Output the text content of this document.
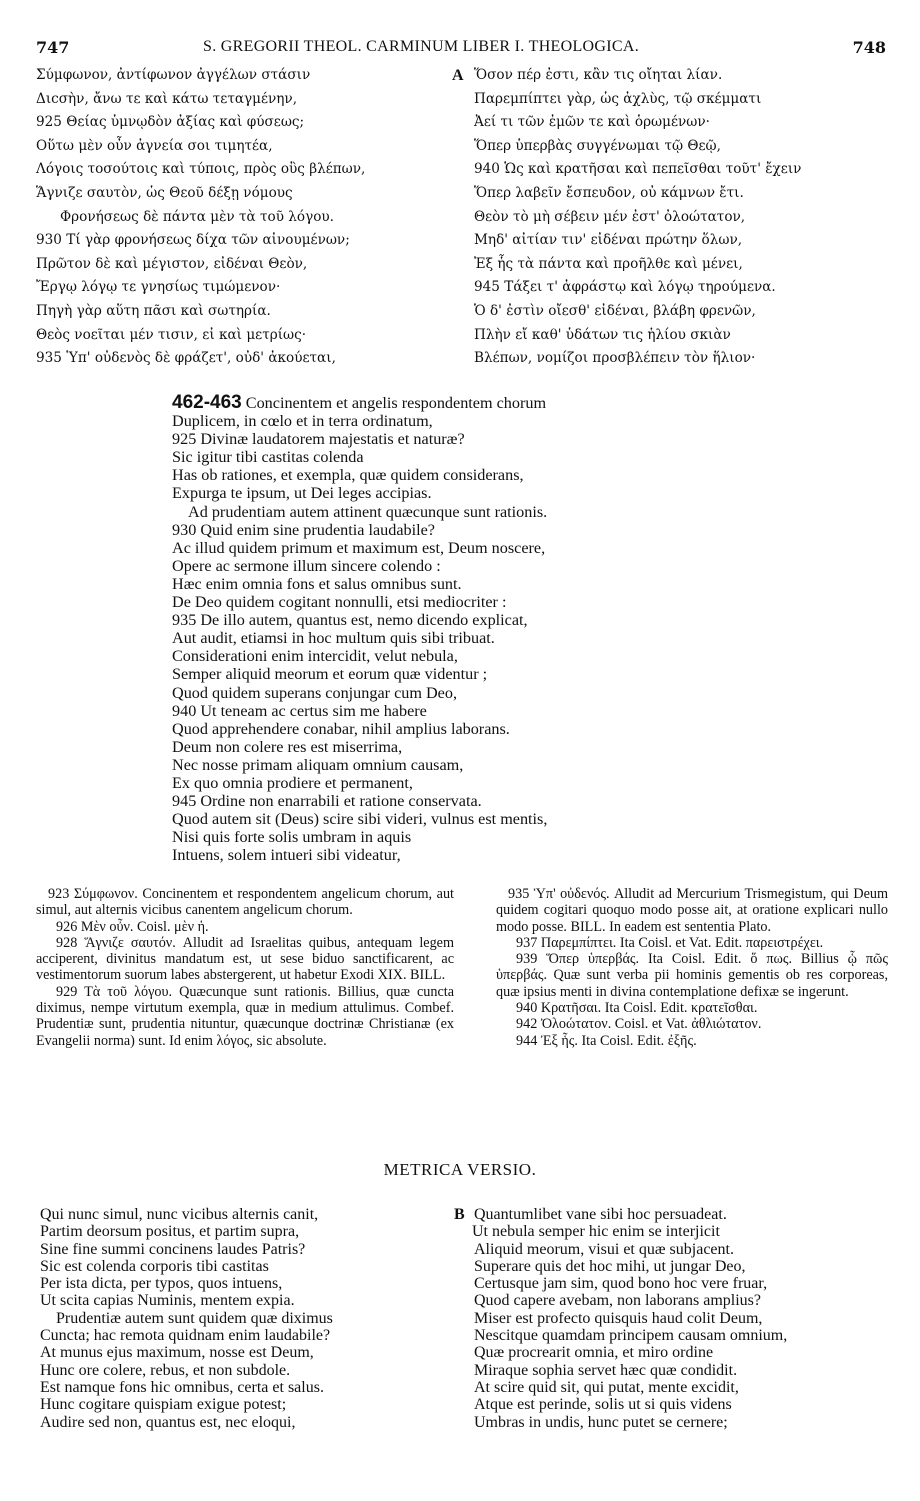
747	S. GREGORII THEOL. CARMINUM LIBER I. THEOLOGICA.	748
Σύμφωνον, ἀντίφωνον ἀγγέλων στάσιν
Διϲσὴν, ἄνω τε καὶ κάτω τεταγμένην,
925 Θείας ὑμνῳδὸν ἀξίας καὶ φύσεως;
Οὕτω μὲν οὖν ἁγνεία σοι τιμητέα,
Λόγοις τοσούτοις καὶ τύποις, πρὸς οὓς βλέπων,
Ἅγνιζε σαυτὸν, ὡς Θεοῦ δέξῃ νόμους
Φρονήσεως δὲ πάντα μὲν τὰ τοῦ λόγου.
930 Τί γὰρ φρονήσεως δίχα τῶν αἰνουμένων;
Πρῶτον δὲ καὶ μέγιστον, εἰδέναι Θεὸν,
Ἔργῳ λόγῳ τε γνησίως τιμώμενον·
Πηγὴ γὰρ αὕτη πᾶσι καὶ σωτηρία.
Θεὸς νοεῖται μέν τισιν, εἰ καὶ μετρίως·
935 Ὑπ' οὐδενὸς δὲ φράζετ', οὐδ' ἀκούεται,
A Ὅσον πέρ ἐστι, κἂν τις οἴηται λίαν.
Παρεμπίπτει γὰρ, ὡς ἀχλὺς, τῷ σκέμματι
Ἀεί τι τῶν ἐμῶν τε καὶ ὁρωμένων·
Ὅπερ ὑπερβὰς συγγένωμαι τῷ Θεῷ,
940 Ὡς καὶ κρατῆσαι καὶ πεπεῖσθαι τοῦτ' ἔχειν
Ὅπερ λαβεῖν ἔσπευδον, οὐ κάμνων ἔτι.
Θεὸν τὸ μὴ σέβειν μέν ἐστ' ὀλοώτατον,
Μηδ' αἰτίαν τιν' εἰδέναι πρώτην ὅλων,
Ἐξ ἧς τὰ πάντα καὶ προῆλθε καὶ μένει,
945 Τάξει τ' ἀφράστῳ καὶ λόγῳ τηρούμενα.
Ὁ δ' ἐστὶν οἴεσθ' εἰδέναι, βλάβη φρενῶν,
Πλὴν εἴ καθ' ὑδάτων τις ἡλίου σκιὰν
Βλέπων, νομίζοι προσβλέπειν τὸν ἥλιον·
462-463 Concinentem et angelis respondentem chorum
Duplicem, in cœlo et in terra ordinatum,
925 Divinæ laudatorem majestatis et naturæ?
Sic igitur tibi castitas colenda
Has ob rationes, et exempla, quæ quidem considerans,
Expurga te ipsum, ut Dei leges accipias.
Ad prudentiam autem attinent quæcunque sunt rationis.
930 Quid enim sine prudentia laudabile?
Ac illud quidem primum et maximum est, Deum noscere,
Opere ac sermone illum sincere colendo :
Hæc enim omnia fons et salus omnibus sunt.
De Deo quidem cogitant nonnulli, etsi mediocriter :
935 De illo autem, quantus est, nemo dicendo explicat,
Aut audit, etiamsi in hoc multum quis sibi tribuat.
Considerationi enim intercidit, velut nebula,
Semper aliquid meorum et eorum quæ videntur ;
Quod quidem superans conjungar cum Deo,
940 Ut teneam ac certus sim me habere
Quod apprehendere conabar, nihil amplius laborans.
Deum non colere res est miserrima,
Nec nosse primam aliquam omnium causam,
Ex quo omnia prodiere et permanent,
945 Ordine non enarrabili et ratione conservata.
Quod autem sit (Deus) scire sibi videri, vulnus est mentis,
Nisi quis forte solis umbram in aquis
Intuens, solem intueri sibi videatur,

923 Σύμφωνον. Concinentem et respondentem angelicum chorum, aut simul, aut alternis vicibus canentem angelicum chorum.

926 Μὲν οὖν. Coisl. μὲν ἡ.

928 Ἅγνιζε σαυτόν. Alludit ad Israelitas quibus, antequam legem acciperent, divinitus mandatum est, ut sese biduo sanctificarent, ac vestimentorum suorum labes abstergerent, ut habetur Exodi XIX. BILL.

929 Τὰ τοῦ λόγου. Quæcunque sunt rationis. Billius, quæ cuncta diximus, nempe virtutum exempla, quæ in medium attulimus. Combef. Prudentiæ sunt, prudentia nituntur, quæcunque doctrinæ Christianæ (ex Evangelii norma) sunt. Id enim λόγος, sic absolute.

935 Ὑπ' οὐδενός. Alludit ad Mercurium Trismegistum, qui Deum quidem cogitari quoquo modo posse ait, at oratione explicari nullo modo posse. BILL. In eadem est sententia Plato.

937 Παρεμπίπτει. Ita Coisl. et Vat. Edit. παρειστρέχει.

939 Ὅπερ ὑπερβάς. Ita Coisl. Edit. ὅ πως. Billius ᾧ πῶς ὑπερβάς. Quæ sunt verba pii hominis gementis ob res corporeas, quæ ipsius menti in divina contemplatione defixæ se ingerunt.

940 Κρατῆσαι. Ita Coisl. Edit. κρατεῖσθαι.

942 Ὀλοώτατον. Coisl. et Vat. ἀθλιώτατον.

944 Ἐξ ἧς. Ita Coisl. Edit. ἐξῆς.

METRICA VERSIO.
Qui nunc simul, nunc vicibus alternis canit,
Partim deorsum positus, et partim supra,
Sine fine summi concinens laudes Patris?
Sic est colenda corporis tibi castitas
Per ista dicta, per typos, quos intuens,
Ut scita capias Numinis, mentem expia.
Prudentiæ autem sunt quidem quæ diximus
Cuncta; hac remota quidnam enim laudabile?
At munus ejus maximum, nosse est Deum,
Hunc ore colere, rebus, et non subdole.
Est namque fons hic omnibus, certa et salus.
Hunc cogitare quispiam exigue potest;
Audire sed non, quantus est, nec eloqui,
B Quantumlibet vane sibi hoc persuadeat.
Ut nebula semper hic enim se interjicit
Aliquid meorum, visui et quæ subjacent.
Superare quis det hoc mihi, ut jungar Deo,
Certusque jam sim, quod bono hoc vere fruar,
Quod capere avebam, non laborans amplius?
Miser est profecto quisquis haud colit Deum,
Nescitque quamdam principem causam omnium,
Quæ procrearit omnia, et miro ordine
Miraque sophia servet hæc quæ condidit.
At scire quid sit, qui putat, mente excidit,
Atque est perinde, solis ut si quis videns
Umbras in undis, hunc putet se cernere;
